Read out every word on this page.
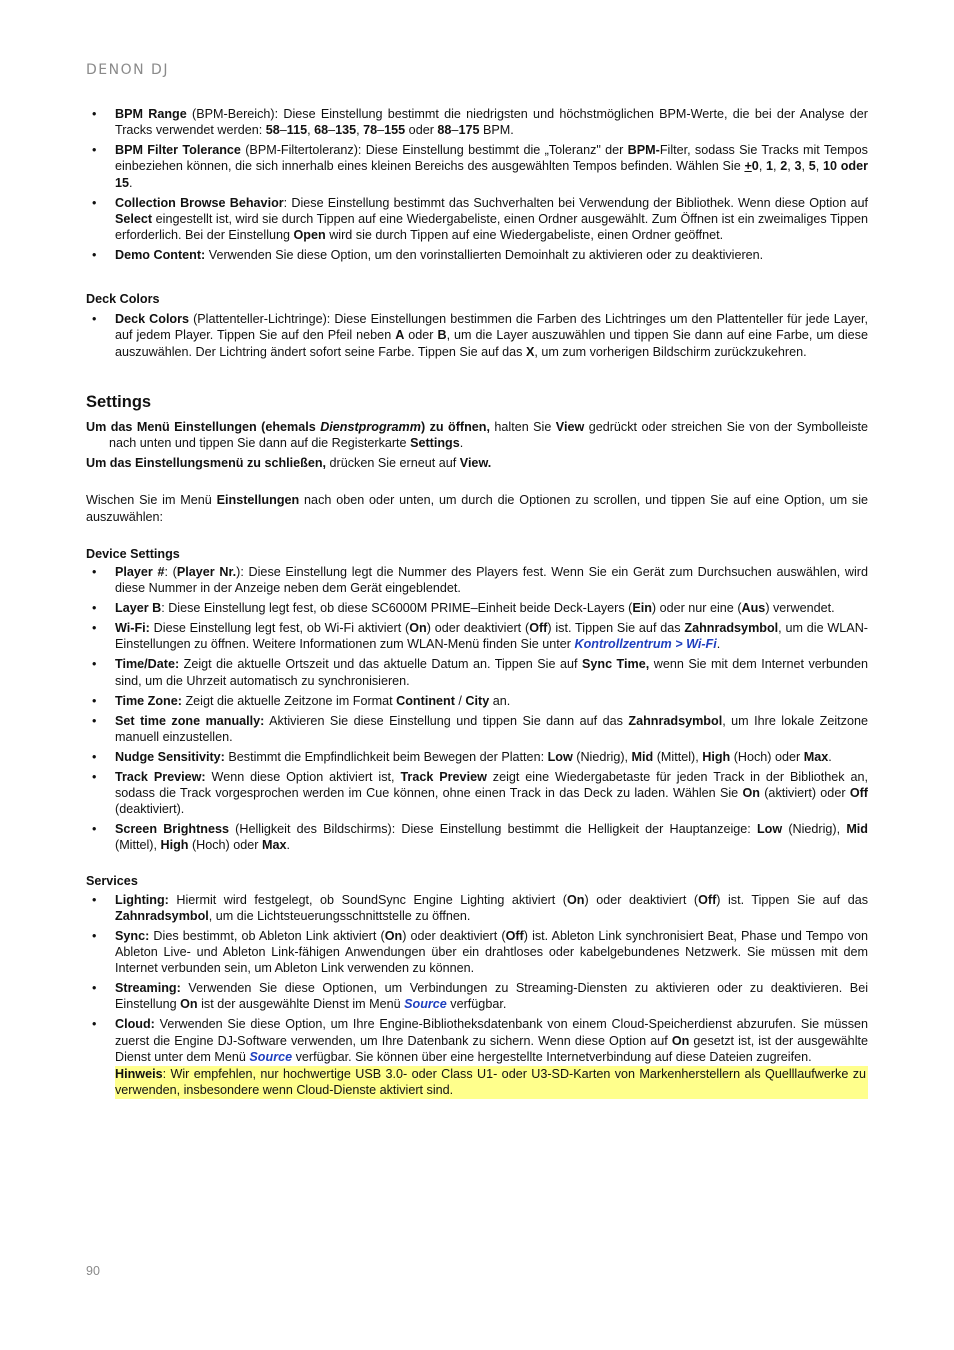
DENON DJ
• BPM Range (BPM-Bereich): Diese Einstellung bestimmt die niedrigsten und höchstmöglichen BPM-Werte, die bei der Analyse der Tracks verwendet werden: 58–115, 68–135, 78–155 oder 88–175 BPM.
• BPM Filter Tolerance (BPM-Filtertoleranz): Diese Einstellung bestimmt die „Toleranz" der BPM-Filter, sodass Sie Tracks mit Tempos einbeziehen können, die sich innerhalb eines kleinen Bereichs des ausgewählten Tempos befinden. Wählen Sie +0, 1, 2, 3, 5, 10 oder 15.
• Collection Browse Behavior: Diese Einstellung bestimmt das Suchverhalten bei Verwendung der Bibliothek. Wenn diese Option auf Select eingestellt ist, wird sie durch Tippen auf eine Wiedergabeliste, einen Ordner ausgewählt. Zum Öffnen ist ein zweimaliges Tippen erforderlich. Bei der Einstellung Open wird sie durch Tippen auf eine Wiedergabeliste, einen Ordner geöffnet.
• Demo Content: Verwenden Sie diese Option, um den vorinstallierten Demoinhalt zu aktivieren oder zu deaktivieren.
Deck Colors
• Deck Colors (Plattenteller-Lichtringe): Diese Einstellungen bestimmen die Farben des Lichtringes um den Plattenteller für jede Layer, auf jedem Player. Tippen Sie auf den Pfeil neben A oder B, um die Layer auszuwählen und tippen Sie dann auf eine Farbe, um diese auszuwählen. Der Lichtring ändert sofort seine Farbe. Tippen Sie auf das X, um zum vorherigen Bildschirm zurückzukehren.
Settings

Um das Menü Einstellungen (ehemals Dienstprogramm) zu öffnen, halten Sie View gedrückt oder streichen Sie von der Symbolleiste nach unten und tippen Sie dann auf die Registerkarte Settings.

Um das Einstellungsmenü zu schließen, drücken Sie erneut auf View.

Wischen Sie im Menü Einstellungen nach oben oder unten, um durch die Optionen zu scrollen, und tippen Sie auf eine Option, um sie auszuwählen:

Device Settings
• Player #: (Player Nr.): Diese Einstellung legt die Nummer des Players fest. Wenn Sie ein Gerät zum Durchsuchen auswählen, wird diese Nummer in der Anzeige neben dem Gerät eingeblendet.
• Layer B: Diese Einstellung legt fest, ob diese SC6000M PRIME–Einheit beide Deck-Layers (Ein) oder nur eine (Aus) verwendet.
• Wi-Fi: Diese Einstellung legt fest, ob Wi-Fi aktiviert (On) oder deaktiviert (Off) ist. Tippen Sie auf das Zahnradsymbol, um die WLAN-Einstellungen zu öffnen. Weitere Informationen zum WLAN-Menü finden Sie unter Kontrollzentrum > Wi-Fi.
• Time/Date: Zeigt die aktuelle Ortszeit und das aktuelle Datum an. Tippen Sie auf Sync Time, wenn Sie mit dem Internet verbunden sind, um die Uhrzeit automatisch zu synchronisieren.
• Time Zone: Zeigt die aktuelle Zeitzone im Format Continent / City an.
• Set time zone manually: Aktivieren Sie diese Einstellung und tippen Sie dann auf das Zahnradsymbol, um Ihre lokale Zeitzone manuell einzustellen.
• Nudge Sensitivity: Bestimmt die Empfindlichkeit beim Bewegen der Platten: Low (Niedrig), Mid (Mittel), High (Hoch) oder Max.
• Track Preview: Wenn diese Option aktiviert ist, Track Preview zeigt eine Wiedergabetaste für jeden Track in der Bibliothek an, sodass die Track vorgesprochen werden im Cue können, ohne einen Track in das Deck zu laden. Wählen Sie On (aktiviert) oder Off (deaktiviert).
• Screen Brightness (Helligkeit des Bildschirms): Diese Einstellung bestimmt die Helligkeit der Hauptanzeige: Low (Niedrig), Mid (Mittel), High (Hoch) oder Max.
Services
• Lighting: Hiermit wird festgelegt, ob SoundSync Engine Lighting aktiviert (On) oder deaktiviert (Off) ist. Tippen Sie auf das Zahnradsymbol, um die Lichtsteuerungsschnittstelle zu öffnen.
• Sync: Dies bestimmt, ob Ableton Link aktiviert (On) oder deaktiviert (Off) ist. Ableton Link synchronisiert Beat, Phase und Tempo von Ableton Live- und Ableton Link-fähigen Anwendungen über ein drahtloses oder kabelgebundenes Netzwerk. Sie müssen mit dem Internet verbunden sein, um Ableton Link verwenden zu können.
• Streaming: Verwenden Sie diese Optionen, um Verbindungen zu Streaming-Diensten zu aktivieren oder zu deaktivieren. Bei Einstellung On ist der ausgewählte Dienst im Menü Source verfügbar.
• Cloud: Verwenden Sie diese Option, um Ihre Engine-Bibliotheksdatenbank von einem Cloud-Speicherdienst abzurufen. Sie müssen zuerst die Engine DJ-Software verwenden, um Ihre Datenbank zu sichern. Wenn diese Option auf On gesetzt ist, ist der ausgewählte Dienst unter dem Menü Source verfügbar. Sie können über eine hergestellte Internetverbindung auf diese Dateien zugreifen.

Hinweis: Wir empfehlen, nur hochwertige USB 3.0- oder Class U1- oder U3-SD-Karten von Markenherstellern als Quelllaufwerke zu verwenden, insbesondere wenn Cloud-Dienste aktiviert sind.

90
